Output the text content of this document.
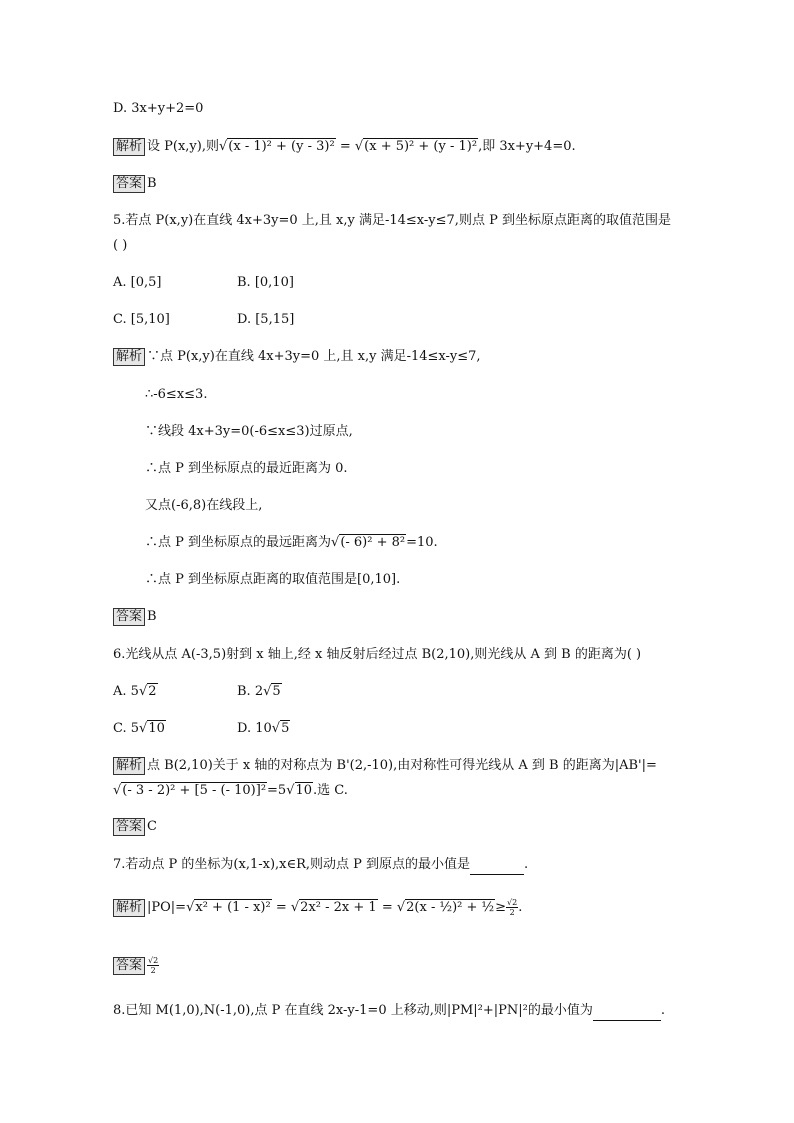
D. 3x+y+2=0
解析 设 P(x,y),则√(x - 1)² + (y - 3)² = √(x + 5)² + (y - 1)²,即 3x+y+4=0.
答案 B
5.若点 P(x,y)在直线 4x+3y=0 上,且 x,y 满足-14≤x-y≤7,则点 P 到坐标原点距离的取值范围是
( )
A. [0,5]	B. [0,10]
C. [5,10]	D. [5,15]
解析 ∵点 P(x,y)在直线 4x+3y=0 上,且 x,y 满足-14≤x-y≤7,
∴-6≤x≤3.
∵线段 4x+3y=0(-6≤x≤3)过原点,
∴点 P 到坐标原点的最近距离为 0.
又点(-6,8)在线段上,
∴点 P 到坐标原点的最远距离为√(- 6)² + 8²=10.
∴点 P 到坐标原点距离的取值范围是[0,10].
答案 B
6.光线从点 A(-3,5)射到 x 轴上,经 x 轴反射后经过点 B(2,10),则光线从 A 到 B 的距离为( )
A. 5√2	B. 2√5
C. 5√10	D. 10√5
解析 点 B(2,10)关于 x 轴的对称点为 B'(2,-10),由对称性可得光线从 A 到 B 的距离为|AB'|=
√(- 3 - 2)² + [5 - (- 10)]²=5√10.选 C.
答案 C
7.若动点 P 的坐标为(x,1-x),x∈R,则动点 P 到原点的最小值是	.
解析 |PO|=√x² + (1 - x)² = √2x² - 2x + 1 = √2(x - ½)² + ½≥ $\frac{√2}{2}$ .
答案 $\frac{√2}{2}$
8.已知 M(1,0),N(-1,0),点 P 在直线 2x-y-1=0 上移动,则|PM|²+|PN|²的最小值为	.
